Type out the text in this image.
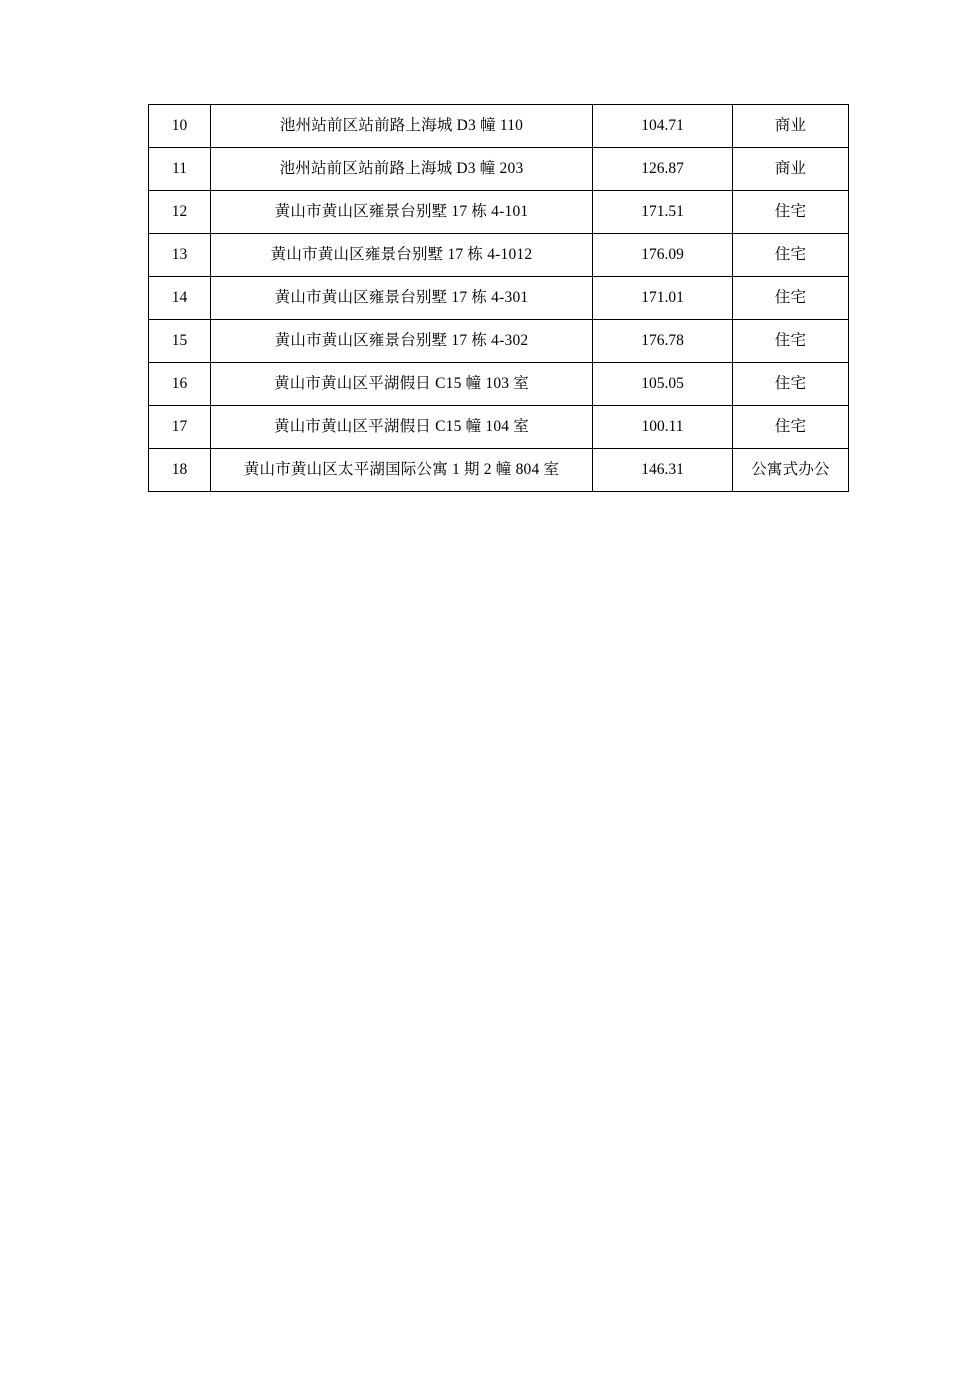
10	池州站前区站前路上海城 D3 幢 110	104.71	商业
11	池州站前区站前路上海城 D3 幢 203	126.87	商业
12	黄山市黄山区雍景台别墅 17 栋 4-101	171.51	住宅
13	黄山市黄山区雍景台别墅 17 栋 4-1012	176.09	住宅
14	黄山市黄山区雍景台别墅 17 栋 4-301	171.01	住宅
15	黄山市黄山区雍景台别墅 17 栋 4-302	176.78	住宅
16	黄山市黄山区平湖假日 C15 幢 103 室	105.05	住宅
17	黄山市黄山区平湖假日 C15 幢 104 室	100.11	住宅
18	黄山市黄山区太平湖国际公寓 1 期 2 幢 804 室	146.31	公寓式办公
